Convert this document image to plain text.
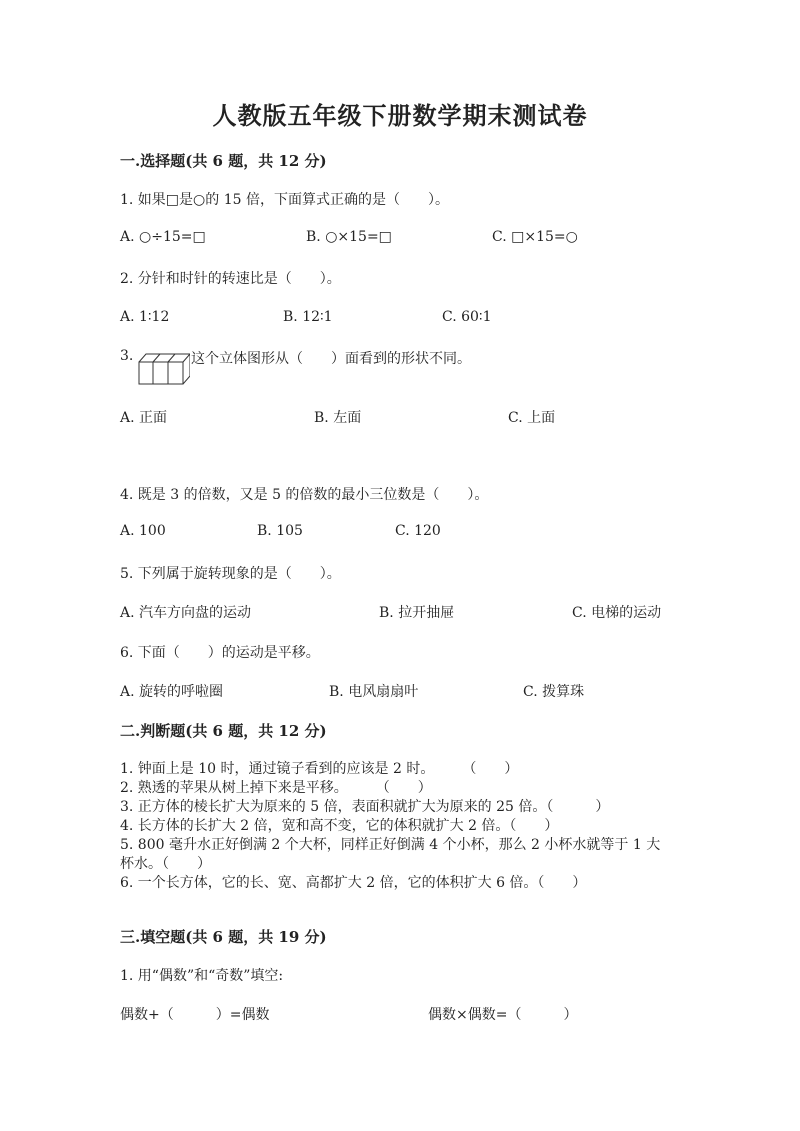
人教版五年级下册数学期末测试卷
一.选择题(共 6 题，共 12 分)
1. 如果□是○的 15 倍，下面算式正确的是（　　）。
A. ○÷15=□	B. ○×15=□	C. □×15=○
2. 分针和时针的转速比是（　　）。
A. 1∶12	B. 12∶1	C. 60∶1
3.	这个立体图形从（　　）面看到的形状不同。
A. 正面	B. 左面	C. 上面
4. 既是 3 的倍数，又是 5 的倍数的最小三位数是（　　）。
A. 100	B. 105	C. 120
5. 下列属于旋转现象的是（　　）。
A. 汽车方向盘的运动	B. 拉开抽屉	C. 电梯的运动
6. 下面（　　）的运动是平移。
A. 旋转的呼啦圈	B. 电风扇扇叶	C. 拨算珠
二.判断题(共 6 题，共 12 分)
1. 钟面上是 10 时，通过镜子看到的应该是 2 时。　　　（　　）
2. 熟透的苹果从树上掉下来是平移。　　　（　　）
3. 正方体的棱长扩大为原来的 5 倍，表面积就扩大为原来的 25 倍。（　　　）
4. 长方体的长扩大 2 倍，宽和高不变，它的体积就扩大 2 倍。（　　）
5. 800 毫升水正好倒满 2 个大杯，同样正好倒满 4 个小杯，那么 2 小杯水就等于 1 大杯水。（　　）
6. 一个长方体，它的长、宽、高都扩大 2 倍，它的体积扩大 6 倍。（　　）
三.填空题(共 6 题，共 19 分)
1. 用“偶数”和“奇数”填空:
偶数+（　　　）=偶数	偶数×偶数=（　　　）
